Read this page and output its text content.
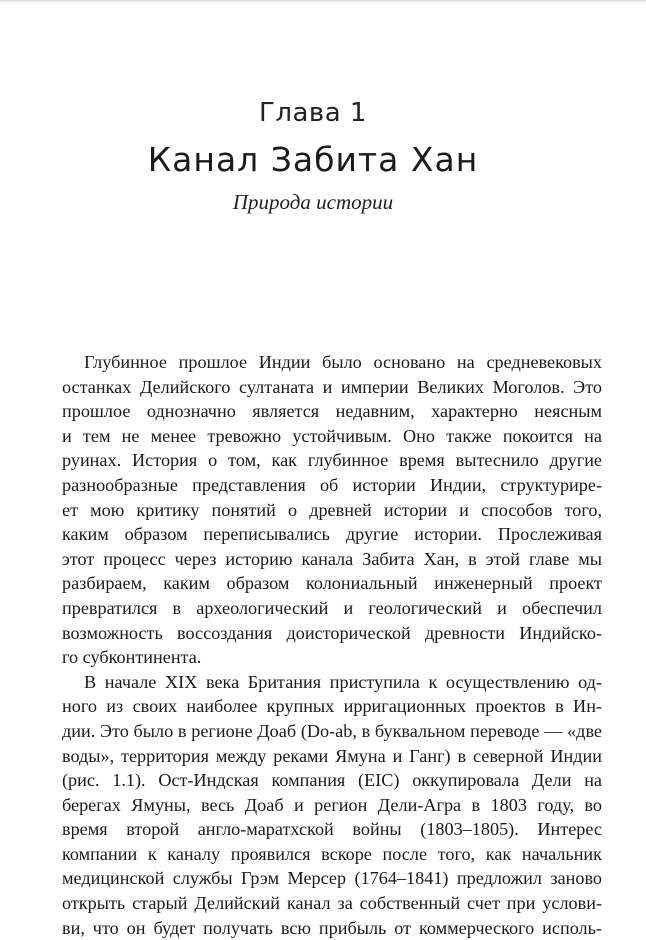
Глава 1
Канал Забита Хан
Природа истории
Глубинное прошлое Индии было основано на средневековых
останках Делийского султаната и империи Великих Моголов. Это
прошлое однозначно является недавним, характерно неясным
и тем не менее тревожно устойчивым. Оно также покоится на
руинах. История о том, как глубинное время вытеснило другие
разнообразные представления об истории Индии, структурире-
ет мою критику понятий о древней истории и способов того,
каким образом переписывались другие истории. Прослеживая
этот процесс через историю канала Забита Хан, в этой главе мы
разбираем, каким образом колониальный инженерный проект
превратился в археологический и геологический и обеспечил
возможность воссоздания доисторической древности Индийско-
го субконтинента.
В начале XIX века Британия приступила к осуществлению од-
ного из своих наиболее крупных ирригационных проектов в Ин-
дии. Это было в регионе Доаб (Do-ab, в буквальном переводе — «две
воды», территория между реками Ямуна и Ганг) в северной Индии
(рис. 1.1). Ост-Индская компания (EIC) оккупировала Дели на
берегах Ямуны, весь Доаб и регион Дели-Агра в 1803 году, во
время второй англо-маратхской войны (1803–1805). Интерес
компании к каналу проявился вскоре после того, как начальник
медицинской службы Грэм Мерсер (1764–1841) предложил заново
открыть старый Делийский канал за собственный счет при услови-
ви, что он будет получать всю прибыль от коммерческого исполь-
